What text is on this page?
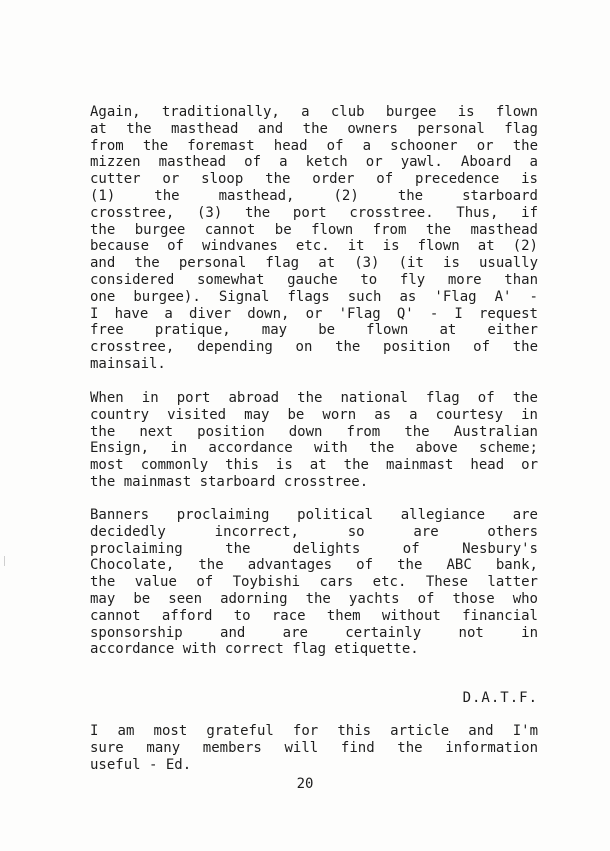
Again, traditionally, a club burgee is flown
at the masthead and the owners personal flag
from the foremast head of a schooner or the
mizzen masthead of a ketch or yawl. Aboard a
cutter or sloop the order of precedence is
(1) the masthead, (2) the starboard
crosstree, (3) the port crosstree. Thus, if
the burgee cannot be flown from the masthead
because of windvanes etc. it is flown at (2)
and the personal flag at (3) (it is usually
considered somewhat gauche to fly more than
one burgee). Signal flags such as 'Flag A' -
I have a diver down, or 'Flag Q' - I request
free pratique, may be flown at either
crosstree, depending on the position of the
mainsail.
When in port abroad the national flag of the
country visited may be worn as a courtesy in
the next position down from the Australian
Ensign, in accordance with the above scheme;
most commonly this is at the mainmast head or
the mainmast starboard crosstree.
Banners proclaiming political allegiance are
decidedly incorrect, so are others
proclaiming the delights of Nesbury's
Chocolate, the advantages of the ABC bank,
the value of Toybishi cars etc. These latter
may be seen adorning the yachts of those who
cannot afford to race them without financial
sponsorship and are certainly not in
accordance with correct flag etiquette.
D.A.T.F.
I am most grateful for this article and I'm
sure many members will find the information
useful - Ed.
20
